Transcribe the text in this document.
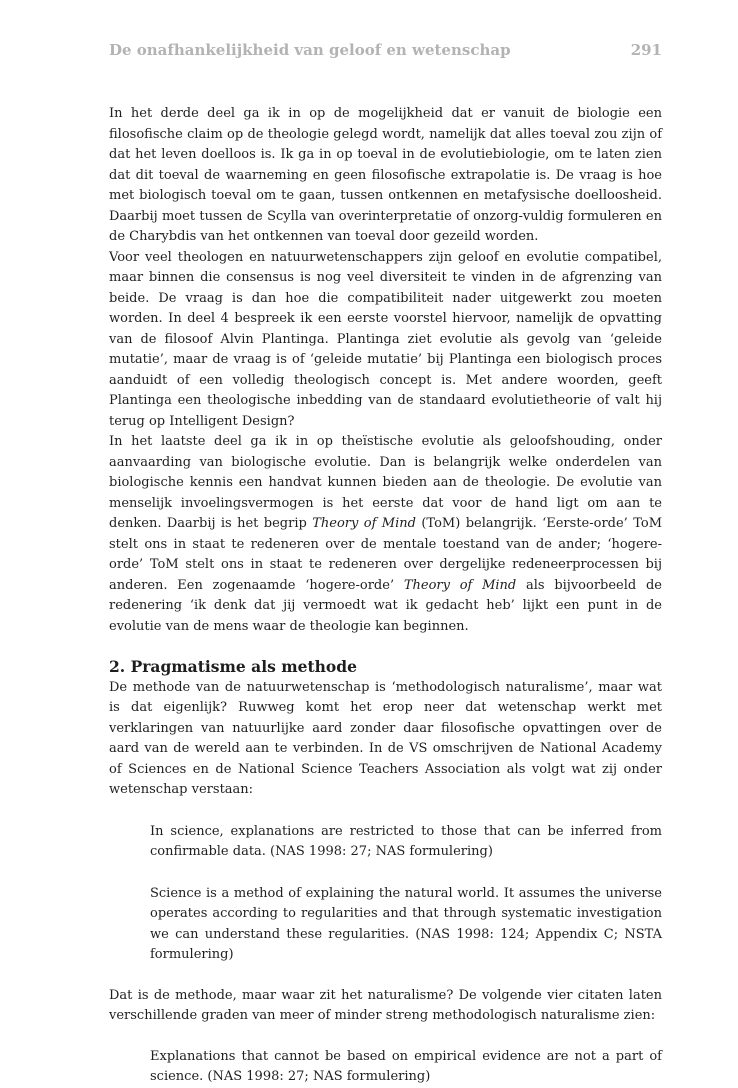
De onafhankelijkheid van geloof en wetenschap	291

In het derde deel ga ik in op de mogelijkheid dat er vanuit de biologie een filosofische claim op de theologie gelegd wordt, namelijk dat alles toeval zou zijn of dat het leven doelloos is. Ik ga in op toeval in de evolutiebiologie, om te laten zien dat dit toeval de waarneming en geen filosofische extrapolatie is. De vraag is hoe met biologisch toeval om te gaan, tussen ontkennen en metafysische doelloosheid. Daarbij moet tussen de Scylla van overinterpretatie of onzorg-vuldig formuleren en de Charybdis van het ontkennen van toeval door gezeild worden.

Voor veel theologen en natuurwetenschappers zijn geloof en evolutie compatibel, maar binnen die consensus is nog veel diversiteit te vinden in de afgrenzing van beide. De vraag is dan hoe die compatibiliteit nader uitgewerkt zou moeten worden. In deel 4 bespreek ik een eerste voorstel hiervoor, namelijk de opvatting van de filosoof Alvin Plantinga. Plantinga ziet evolutie als gevolg van ‘geleide mutatie’, maar de vraag is of ‘geleide mutatie’ bij Plantinga een biologisch proces aanduidt of een volledig theologisch concept is. Met andere woorden, geeft Plantinga een theologische inbedding van de standaard evolutietheorie of valt hij terug op Intelligent Design?

In het laatste deel ga ik in op theïstische evolutie als geloofshouding, onder aanvaarding van biologische evolutie. Dan is belangrijk welke onderdelen van biologische kennis een handvat kunnen bieden aan de theologie. De evolutie van menselijk invoelingsvermogen is het eerste dat voor de hand ligt om aan te denken. Daarbij is het begrip Theory of Mind (ToM) belangrijk. ‘Eerste-orde’ ToM stelt ons in staat te redeneren over de mentale toestand van de ander; ‘hogere-orde’ ToM stelt ons in staat te redeneren over dergelijke redeneerprocessen bij anderen. Een zogenaamde ‘hogere-orde’ Theory of Mind als bijvoorbeeld de redenering ‘ik denk dat jij vermoedt wat ik gedacht heb’ lijkt een punt in de evolutie van de mens waar de theologie kan beginnen.

2. Pragmatisme als methode

De methode van de natuurwetenschap is ‘methodologisch naturalisme’, maar wat is dat eigenlijk? Ruwweg komt het erop neer dat wetenschap werkt met verklaringen van natuurlijke aard zonder daar filosofische opvattingen over de aard van de wereld aan te verbinden. In de VS omschrijven de National Academy of Sciences en de National Science Teachers Association als volgt wat zij onder wetenschap verstaan:

In science, explanations are restricted to those that can be inferred from confirmable data. (NAS 1998: 27; NAS formulering)

Science is a method of explaining the natural world. It assumes the universe operates according to regularities and that through systematic investigation we can understand these regularities. (NAS 1998: 124; Appendix C; NSTA formulering)

Dat is de methode, maar waar zit het naturalisme? De volgende vier citaten laten verschillende graden van meer of minder streng methodologisch naturalisme zien:

Explanations that cannot be based on empirical evidence are not a part of science. (NAS 1998: 27; NAS formulering)
